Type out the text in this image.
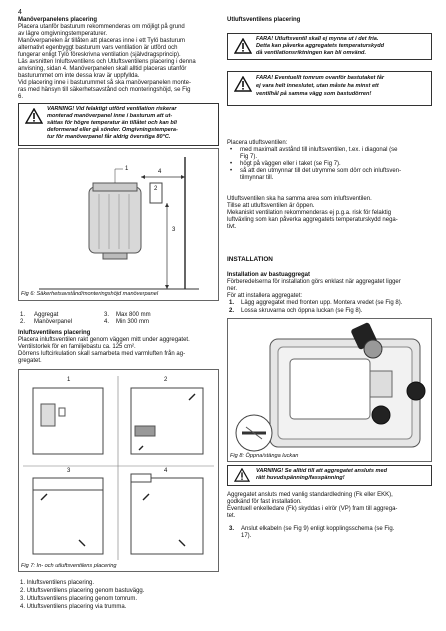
4
Manöverpanelens placering
Placera utanför basturum rekommenderas om möjligt på grund
av lägre omgivningstemperaturer.
Manöverpanelen är tillåten att placeras inne i ett Tylö basturum
alternativt egenbyggt basturum vars ventilation är utförd och
fungerar enligt Tylö föreskrivna ventilation (självdragsprincip).
Läs avsnitten Inluftsventilens och Utluftsventilens placering i denna
anvisning, sidan 4. Manöverpanelen skall alltid placeras utanför
basturummet om inte dessa krav är uppfyllda.
Vid placering inne i basturummet så ska manöverpanelen monte-
ras med hänsyn till säkerhetsavstånd och monteringshöjd, se Fig
6.
VARNING! Vid felaktigt utförd ventilation riskerar
monterad manöverpanel inne i basturum att ut-
sättas för högre temperatur än tillåtet och kan bli
deformerad eller gå sönder. Omgivningstempera-
tur för manöverpanel får aldrig överstiga 80°C.
1
2
3
4
Fig 6: Säkerhetsavstånd/monteringshöjd manöverpanel
1. Aggregat	3. Max 800 mm
2. Manöverpanel	4. Min 300 mm
Inluftsventilens placering
Placera inluftsventilen rakt genom väggen mitt under aggregatet.
Ventilstorlek för en familjebastu ca. 125 cm².
Dörrens luftcirkulation skall samarbeta med varmluften från ag-
gregatet.
1	2
3	4
Fig 7: In- och utluftsventilens placering
1. Inluftsventilens placering.
2. Utluftsventilens placering genom bastuvägg.
3. Utluftsventilens placering genom tomrum.
4. Utluftsventilens placering via trumma.
Utluftsventilens placering
FARA! Utluftsventil skall ej mynna ut i det fria.
Detta kan påverka aggregatets temperaturskydd
då ventilationsriktningen kan bli omvänd.
FARA! Eventuellt tomrum ovanför bastutaket får
ej vara helt inneslutet, utan måste ha minst ett
ventilhål på samma vägg som bastudörren!
Placera utluftsventilen:
• med maximalt avstånd till inluftsventilen, t.ex. i diagonal (se
Fig 7).
• högt på väggen eller i taket (se Fig 7).
• så att den utmynnar till det utrymme som dörr och inluftsven-
tilmynnar till.
Utluftsventilen ska ha samma area som inluftsventilen.
Tillse att utluftsventilen är öppen.
Mekaniskt ventilation rekommenderas ej p.g.a. risk för felaktig
luftväxling som kan påverka aggregatets temperaturskydd nega-
tivt.
INSTALLATION
Installation av bastuaggregat
Förberedelserna för installation görs enklast när aggregatet ligger
ner.
För att installera aggregatet:
1. Lägg aggregatet med fronten upp. Montera vredet (se Fig 8).
2. Lossa skruvarna och öppna luckan (se Fig 8).
Fig 8: Öppna/stänga luckan
VARNING! Se alltid till att aggregatet ansluts med
rätt huvudspänning/fasspänning!
Aggregatet ansluts med vanlig standardledning (Fk eller EKK),
godkänd för fast installation.
Eventuell enkelledare (Fk) skyddas i elrör (VP) fram till aggrega-
tet.
3. Anslut elkabeln (se Fig 9) enligt kopplingsschema (se Fig.
17).
